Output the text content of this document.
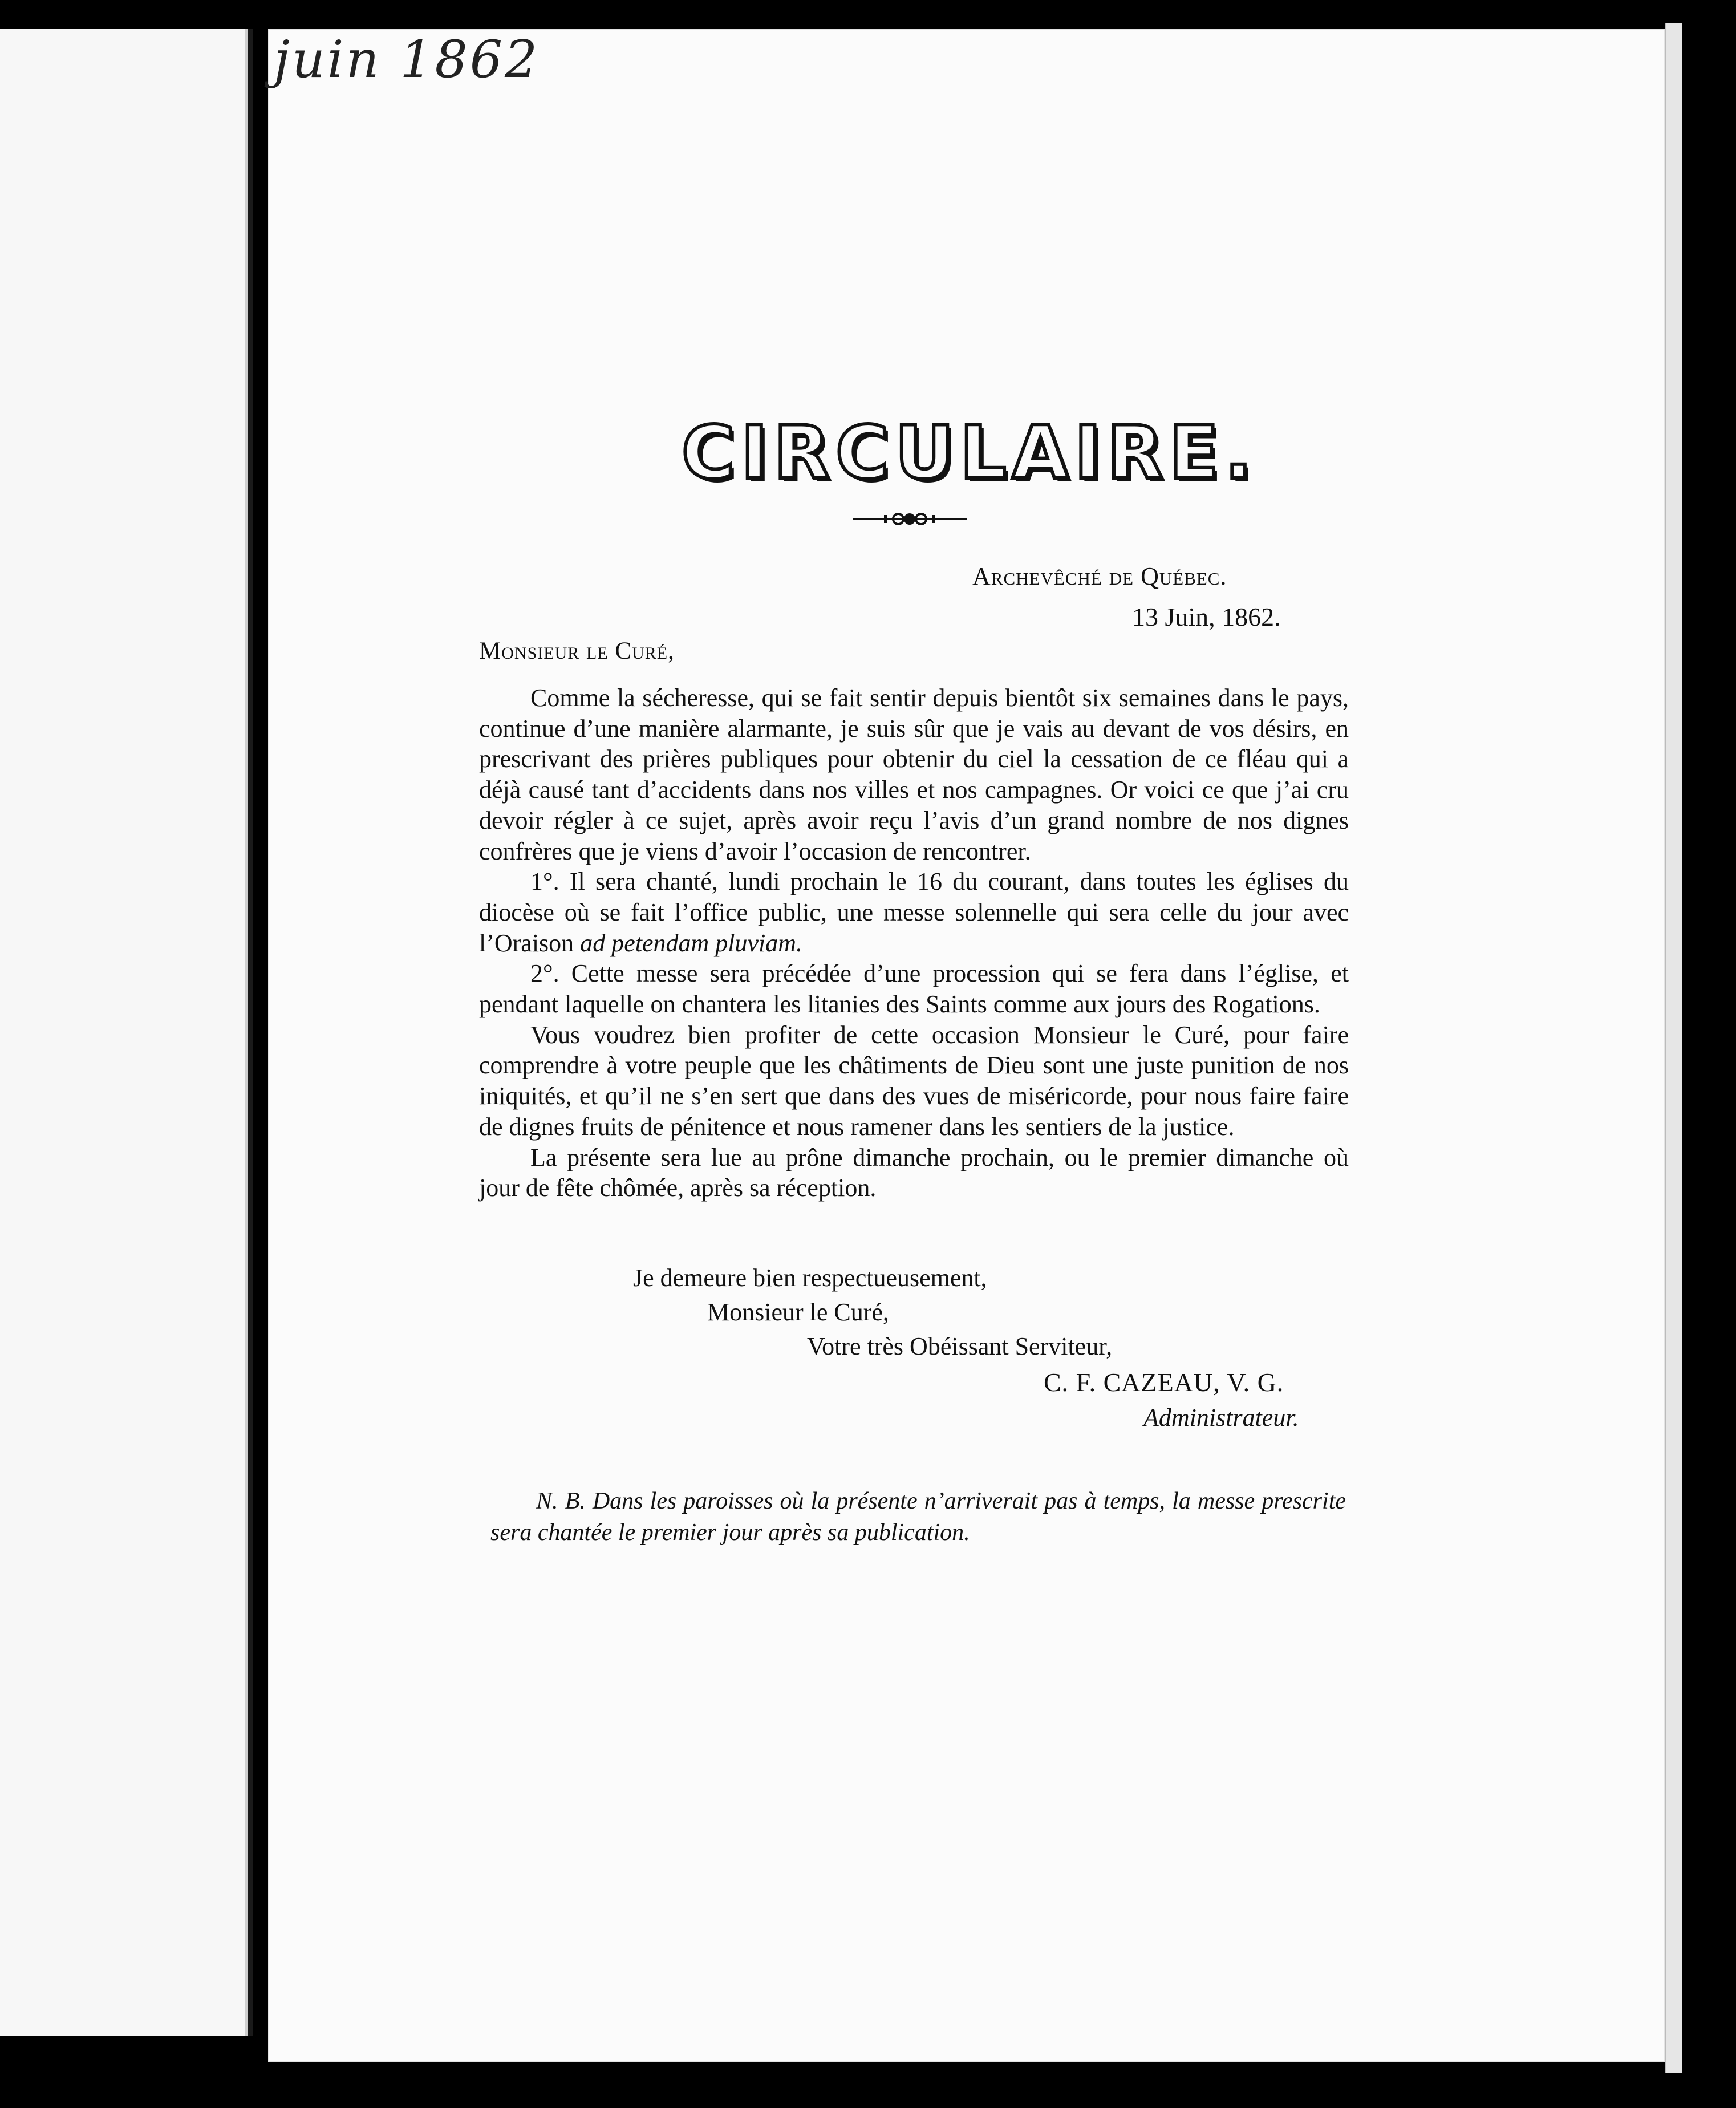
juin 1862
CIRCULAIRE.
Archevêché de Québec.
13 Juin, 1862.
Monsieur le Curé,

Comme la sécheresse, qui se fait sentir depuis bientôt six semaines dans le pays, continue d’une manière alarmante, je suis sûr que je vais au devant de vos désirs, en prescrivant des prières publiques pour obtenir du ciel la cessation de ce fléau qui a déjà causé tant d’accidents dans nos villes et nos campagnes. Or voici ce que j’ai cru devoir régler à ce sujet, après avoir reçu l’avis d’un grand nombre de nos dignes confrères que je viens d’avoir l’occasion de rencontrer.

1°. Il sera chanté, lundi prochain le 16 du courant, dans toutes les églises du diocèse où se fait l’office public, une messe solennelle qui sera celle du jour avec l’Oraison ad petendam pluviam.

2°. Cette messe sera précédée d’une procession qui se fera dans l’église, et pendant laquelle on chantera les litanies des Saints comme aux jours des Rogations.

Vous voudrez bien profiter de cette occasion Monsieur le Curé, pour faire comprendre à votre peuple que les châtiments de Dieu sont une juste punition de nos iniquités, et qu’il ne s’en sert que dans des vues de miséricorde, pour nous faire faire de dignes fruits de pénitence et nous ramener dans les sentiers de la justice.

La présente sera lue au prône dimanche prochain, ou le premier dimanche où jour de fête chômée, après sa réception.

Je demeure bien respectueusement,
Monsieur le Curé,
Votre très Obéissant Serviteur,
C. F. CAZEAU, V. G.
Administrateur.
N. B. Dans les paroisses où la présente n’arriverait pas à temps, la messe prescrite sera chantée le premier jour après sa publication.
